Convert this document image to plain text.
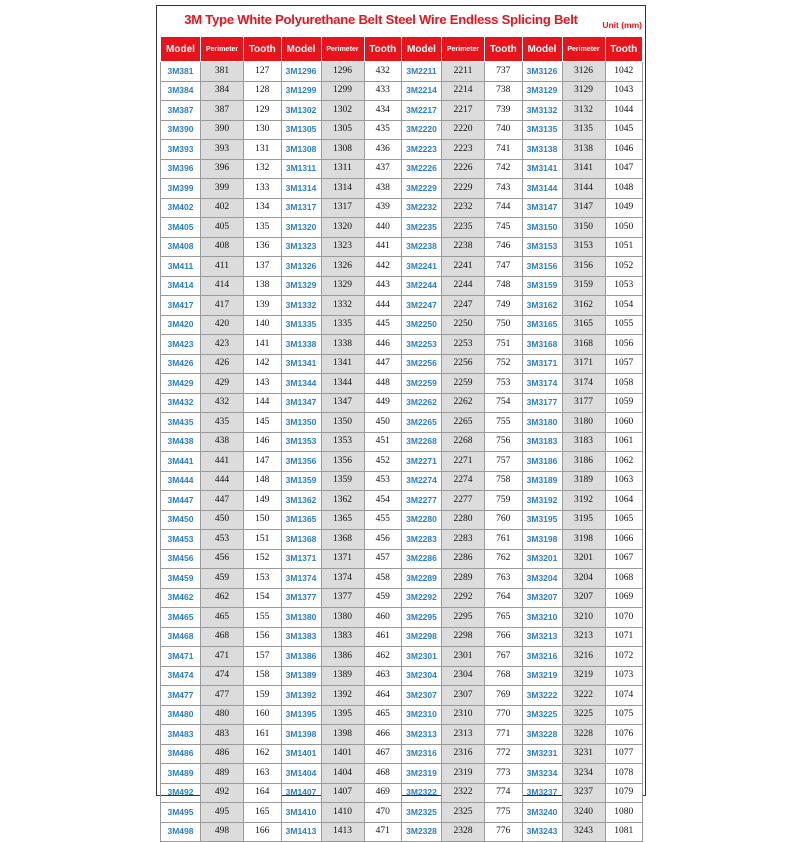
3M Type White Polyurethane Belt Steel Wire Endless Splicing Belt	Unit (mm)
Model	Perimeter	Tooth	Model	Perimeter	Tooth	Model	Perimeter	Tooth	Model	Perimeter	Tooth
3M381	381	127	3M1296	1296	432	3M2211	2211	737	3M3126	3126	1042
3M384	384	128	3M1299	1299	433	3M2214	2214	738	3M3129	3129	1043
3M387	387	129	3M1302	1302	434	3M2217	2217	739	3M3132	3132	1044
3M390	390	130	3M1305	1305	435	3M2220	2220	740	3M3135	3135	1045
3M393	393	131	3M1308	1308	436	3M2223	2223	741	3M3138	3138	1046
3M396	396	132	3M1311	1311	437	3M2226	2226	742	3M3141	3141	1047
3M399	399	133	3M1314	1314	438	3M2229	2229	743	3M3144	3144	1048
3M402	402	134	3M1317	1317	439	3M2232	2232	744	3M3147	3147	1049
3M405	405	135	3M1320	1320	440	3M2235	2235	745	3M3150	3150	1050
3M408	408	136	3M1323	1323	441	3M2238	2238	746	3M3153	3153	1051
3M411	411	137	3M1326	1326	442	3M2241	2241	747	3M3156	3156	1052
3M414	414	138	3M1329	1329	443	3M2244	2244	748	3M3159	3159	1053
3M417	417	139	3M1332	1332	444	3M2247	2247	749	3M3162	3162	1054
3M420	420	140	3M1335	1335	445	3M2250	2250	750	3M3165	3165	1055
3M423	423	141	3M1338	1338	446	3M2253	2253	751	3M3168	3168	1056
3M426	426	142	3M1341	1341	447	3M2256	2256	752	3M3171	3171	1057
3M429	429	143	3M1344	1344	448	3M2259	2259	753	3M3174	3174	1058
3M432	432	144	3M1347	1347	449	3M2262	2262	754	3M3177	3177	1059
3M435	435	145	3M1350	1350	450	3M2265	2265	755	3M3180	3180	1060
3M438	438	146	3M1353	1353	451	3M2268	2268	756	3M3183	3183	1061
3M441	441	147	3M1356	1356	452	3M2271	2271	757	3M3186	3186	1062
3M444	444	148	3M1359	1359	453	3M2274	2274	758	3M3189	3189	1063
3M447	447	149	3M1362	1362	454	3M2277	2277	759	3M3192	3192	1064
3M450	450	150	3M1365	1365	455	3M2280	2280	760	3M3195	3195	1065
3M453	453	151	3M1368	1368	456	3M2283	2283	761	3M3198	3198	1066
3M456	456	152	3M1371	1371	457	3M2286	2286	762	3M3201	3201	1067
3M459	459	153	3M1374	1374	458	3M2289	2289	763	3M3204	3204	1068
3M462	462	154	3M1377	1377	459	3M2292	2292	764	3M3207	3207	1069
3M465	465	155	3M1380	1380	460	3M2295	2295	765	3M3210	3210	1070
3M468	468	156	3M1383	1383	461	3M2298	2298	766	3M3213	3213	1071
3M471	471	157	3M1386	1386	462	3M2301	2301	767	3M3216	3216	1072
3M474	474	158	3M1389	1389	463	3M2304	2304	768	3M3219	3219	1073
3M477	477	159	3M1392	1392	464	3M2307	2307	769	3M3222	3222	1074
3M480	480	160	3M1395	1395	465	3M2310	2310	770	3M3225	3225	1075
3M483	483	161	3M1398	1398	466	3M2313	2313	771	3M3228	3228	1076
3M486	486	162	3M1401	1401	467	3M2316	2316	772	3M3231	3231	1077
3M489	489	163	3M1404	1404	468	3M2319	2319	773	3M3234	3234	1078
3M492	492	164	3M1407	1407	469	3M2322	2322	774	3M3237	3237	1079
3M495	495	165	3M1410	1410	470	3M2325	2325	775	3M3240	3240	1080
3M498	498	166	3M1413	1413	471	3M2328	2328	776	3M3243	3243	1081
